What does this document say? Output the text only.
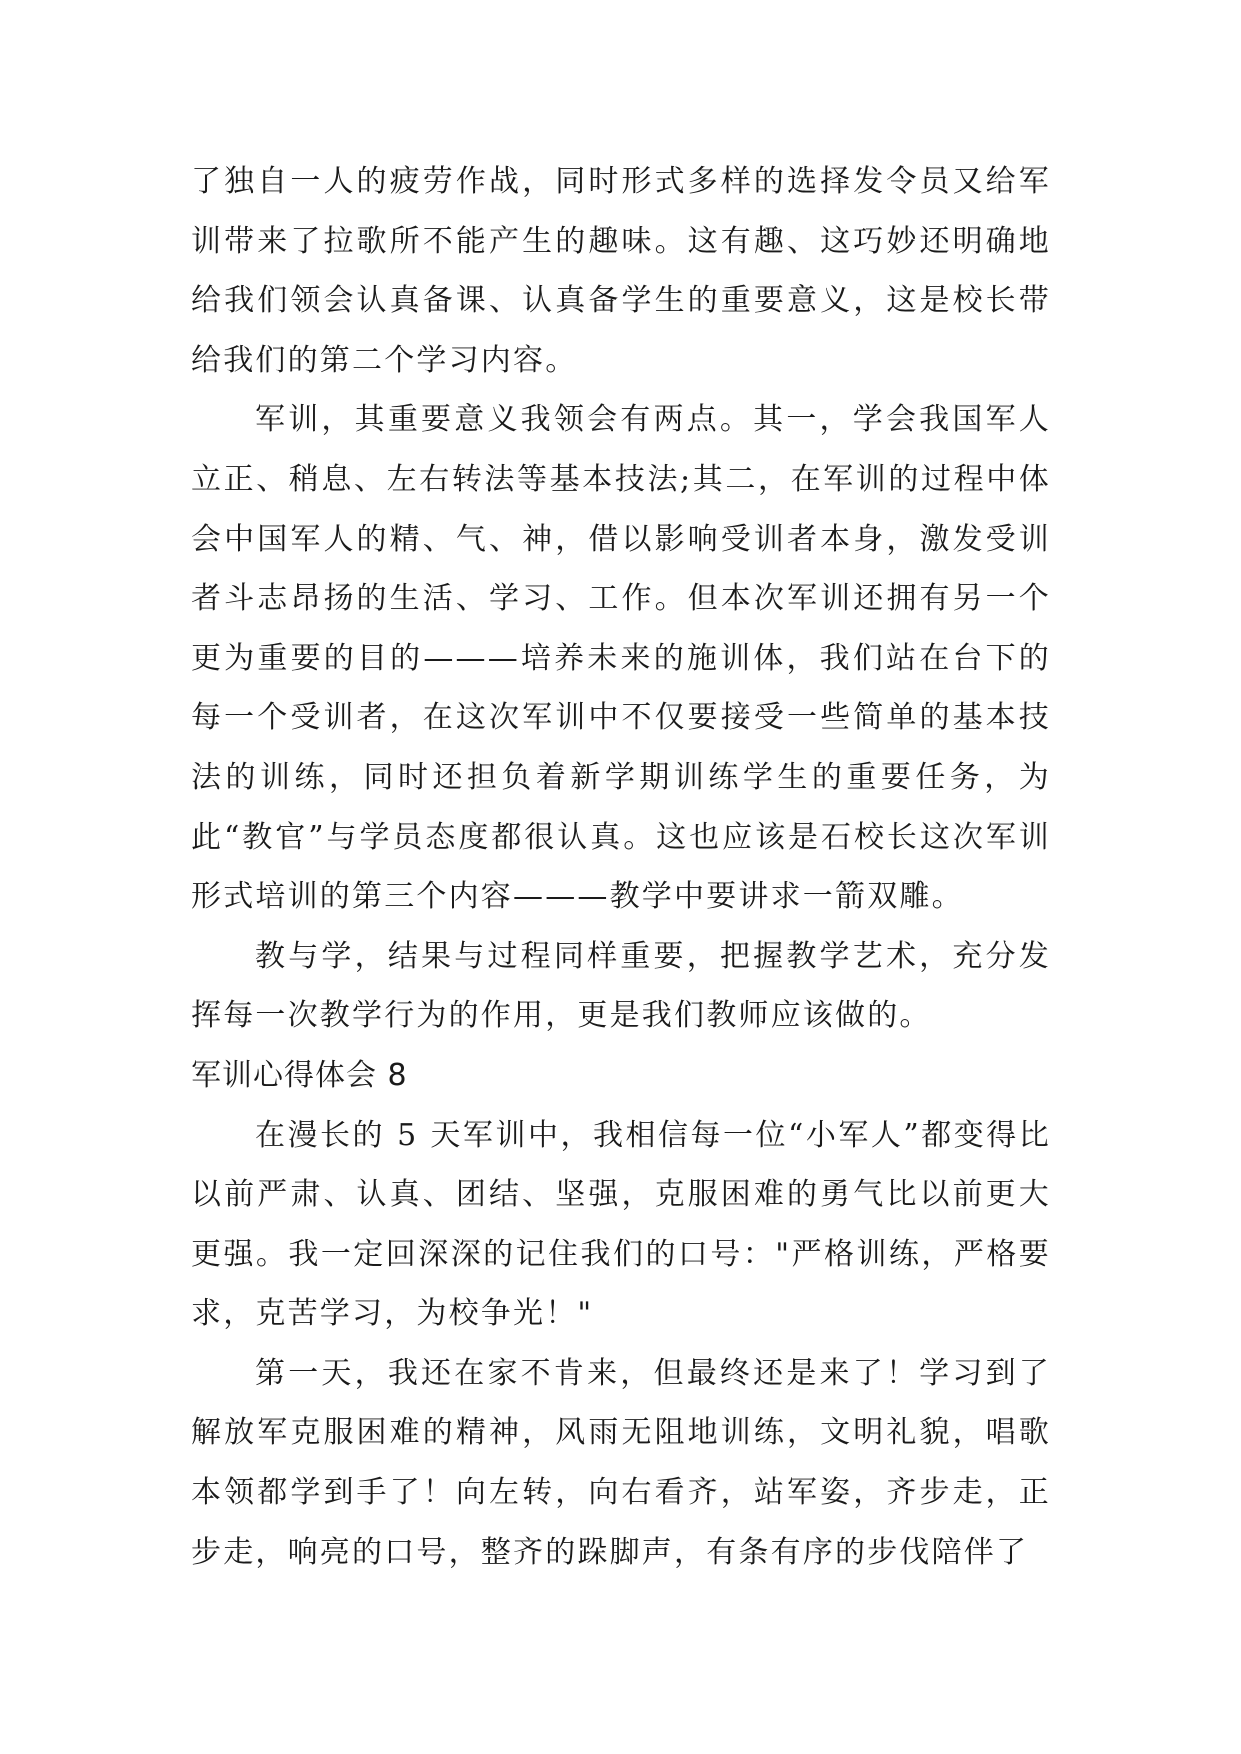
了独自一人的疲劳作战，同时形式多样的选择发令员又给军训带来了拉歌所不能产生的趣味。这有趣、这巧妙还明确地给我们领会认真备课、认真备学生的重要意义，这是校长带给我们的第二个学习内容。

军训，其重要意义我领会有两点。其一，学会我国军人立正、稍息、左右转法等基本技法;其二，在军训的过程中体会中国军人的精、气、神，借以影响受训者本身，激发受训者斗志昂扬的生活、学习、工作。但本次军训还拥有另一个更为重要的目的———培养未来的施训体，我们站在台下的每一个受训者，在这次军训中不仅要接受一些简单的基本技法的训练，同时还担负着新学期训练学生的重要任务，为此“教官”与学员态度都很认真。这也应该是石校长这次军训形式培训的第三个内容———教学中要讲求一箭双雕。

教与学，结果与过程同样重要，把握教学艺术，充分发挥每一次教学行为的作用，更是我们教师应该做的。

军训心得体会 8

在漫长的 5 天军训中，我相信每一位“小军人”都变得比以前严肃、认真、团结、坚强，克服困难的勇气比以前更大更强。我一定回深深的记住我们的口号："严格训练，严格要求，克苦学习，为校争光！"

第一天，我还在家不肯来，但最终还是来了！学习到了解放军克服困难的精神，风雨无阻地训练，文明礼貌，唱歌本领都学到手了！向左转，向右看齐，站军姿，齐步走，正步走，响亮的口号，整齐的跺脚声，有条有序的步伐陪伴了
